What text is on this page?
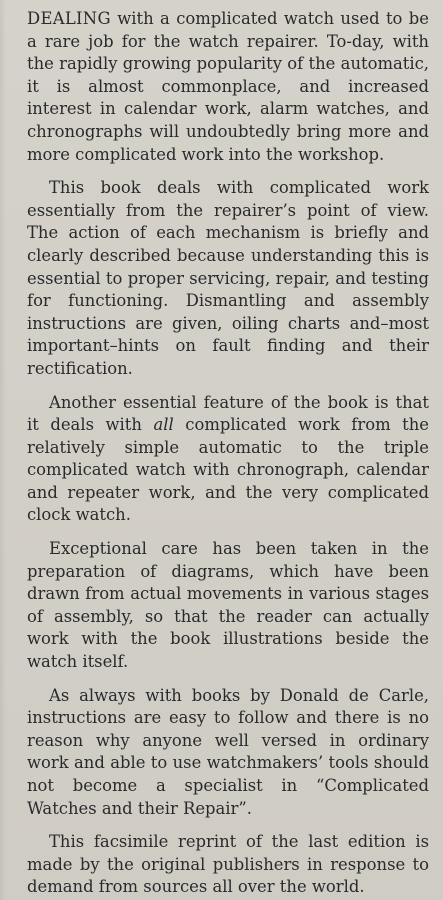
DEALING with a complicated watch used to be a rare job for the watch repairer. To-day, with the rapidly growing popularity of the automatic, it is almost commonplace, and increased interest in calendar work, alarm watches, and chronographs will undoubtedly bring more and more complicated work into the workshop.

This book deals with complicated work essentially from the repairer’s point of view. The action of each mechanism is briefly and clearly described because understanding this is essential to proper servicing, repair, and testing for functioning. Dismantling and assembly instructions are given, oiling charts and–most important–hints on fault finding and their rectification.

Another essential feature of the book is that it deals with all complicated work from the relatively simple automatic to the triple complicated watch with chronograph, calendar and repeater work, and the very complicated clock watch.

Exceptional care has been taken in the preparation of diagrams, which have been drawn from actual movements in various stages of assembly, so that the reader can actually work with the book illustrations beside the watch itself.

As always with books by Donald de Carle, instructions are easy to follow and there is no reason why anyone well versed in ordinary work and able to use watchmakers’ tools should not become a specialist in “Complicated Watches and their Repair”.

This facsimile reprint of the last edition is made by the original publishers in response to demand from sources all over the world.
